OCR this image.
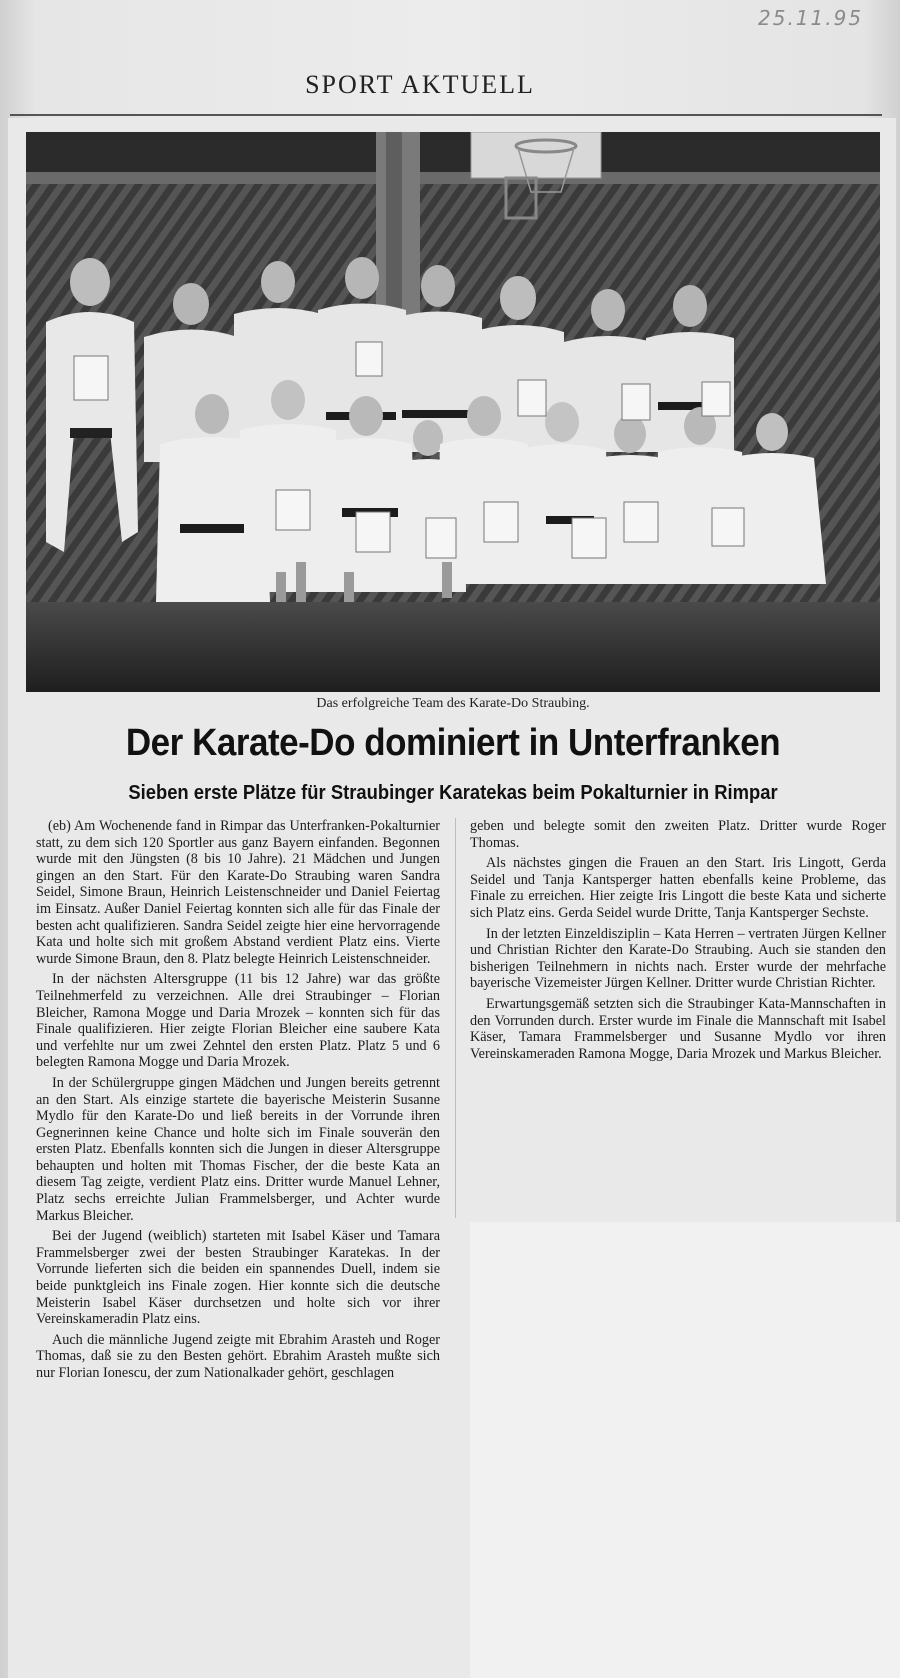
25.11.95
SPORT AKTUELL
Das erfolgreiche Team des Karate-Do Straubing.
Der Karate-Do dominiert in Unterfranken
Sieben erste Plätze für Straubinger Karatekas beim Pokalturnier in Rimpar

(eb) Am Wochenende fand in Rimpar das Unterfranken-Pokalturnier statt, zu dem sich 120 Sportler aus ganz Bayern einfanden. Begonnen wurde mit den Jüngsten (8 bis 10 Jahre). 21 Mädchen und Jungen gingen an den Start. Für den Karate-Do Straubing waren Sandra Seidel, Simone Braun, Heinrich Leistenschneider und Daniel Feiertag im Einsatz. Außer Daniel Feiertag konnten sich alle für das Finale der besten acht qualifizieren. Sandra Seidel zeigte hier eine hervorragende Kata und holte sich mit großem Abstand verdient Platz eins. Vierte wurde Simone Braun, den 8. Platz belegte Heinrich Leistenschneider.

In der nächsten Altersgruppe (11 bis 12 Jahre) war das größte Teilnehmerfeld zu verzeichnen. Alle drei Straubinger – Florian Bleicher, Ramona Mogge und Daria Mrozek – konnten sich für das Finale qualifizieren. Hier zeigte Florian Bleicher eine saubere Kata und verfehlte nur um zwei Zehntel den ersten Platz. Platz 5 und 6 belegten Ramona Mogge und Daria Mrozek.

In der Schülergruppe gingen Mädchen und Jungen bereits getrennt an den Start. Als einzige startete die bayerische Meisterin Susanne Mydlo für den Karate-Do und ließ bereits in der Vorrunde ihren Gegnerinnen keine Chance und holte sich im Finale souverän den ersten Platz. Ebenfalls konnten sich die Jungen in dieser Altersgruppe behaupten und holten mit Thomas Fischer, der die beste Kata an diesem Tag zeigte, verdient Platz eins. Dritter wurde Manuel Lehner, Platz sechs erreichte Julian Frammelsberger, und Achter wurde Markus Bleicher.

Bei der Jugend (weiblich) starteten mit Isabel Käser und Tamara Frammelsberger zwei der besten Straubinger Karatekas. In der Vorrunde lieferten sich die beiden ein spannendes Duell, indem sie beide punktgleich ins Finale zogen. Hier konnte sich die deutsche Meisterin Isabel Käser durchsetzen und holte sich vor ihrer Vereinskameradin Platz eins.

Auch die männliche Jugend zeigte mit Ebrahim Arasteh und Roger Thomas, daß sie zu den Besten gehört. Ebrahim Arasteh mußte sich nur Florian Ionescu, der zum Nationalkader gehört, geschlagen

geben und belegte somit den zweiten Platz. Dritter wurde Roger Thomas.

Als nächstes gingen die Frauen an den Start. Iris Lingott, Gerda Seidel und Tanja Kantsperger hatten ebenfalls keine Probleme, das Finale zu erreichen. Hier zeigte Iris Lingott die beste Kata und sicherte sich Platz eins. Gerda Seidel wurde Dritte, Tanja Kantsperger Sechste.

In der letzten Einzeldisziplin – Kata Herren – vertraten Jürgen Kellner und Christian Richter den Karate-Do Straubing. Auch sie standen den bisherigen Teilnehmern in nichts nach. Erster wurde der mehrfache bayerische Vizemeister Jürgen Kellner. Dritter wurde Christian Richter.

Erwartungsgemäß setzten sich die Straubinger Kata-Mannschaften in den Vorrunden durch. Erster wurde im Finale die Mannschaft mit Isabel Käser, Tamara Frammelsberger und Susanne Mydlo vor ihren Vereinskameraden Ramona Mogge, Daria Mrozek und Markus Bleicher.
